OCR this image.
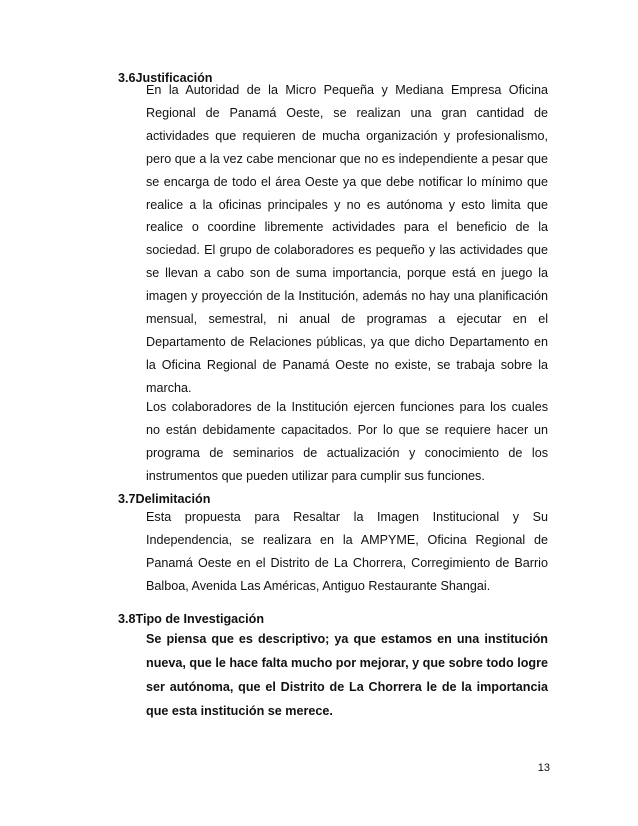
3.6Justificación

En la Autoridad de la Micro Pequeña y Mediana Empresa Oficina Regional de Panamá Oeste, se realizan una gran cantidad de actividades que requieren de mucha organización y profesionalismo, pero que a la vez cabe mencionar que no es independiente a pesar que se encarga de todo el área Oeste ya que debe notificar lo mínimo que realice a la oficinas principales y no es autónoma y esto limita que realice o coordine libremente actividades para el beneficio de la sociedad. El grupo de colaboradores es pequeño y las actividades que se llevan a cabo son de suma importancia, porque está en juego la imagen y proyección de la Institución, además no hay una planificación mensual, semestral, ni anual de programas a ejecutar en el Departamento de Relaciones públicas, ya que dicho Departamento en la Oficina Regional de Panamá Oeste no existe, se trabaja sobre la marcha.

Los colaboradores de la Institución ejercen funciones para los cuales no están debidamente capacitados. Por lo que se requiere hacer un programa de seminarios de actualización y conocimiento de los instrumentos que pueden utilizar para cumplir sus funciones.

3.7Delimitación

Esta propuesta para Resaltar la Imagen Institucional y Su Independencia, se realizara en la AMPYME, Oficina Regional de Panamá Oeste en el Distrito de La Chorrera, Corregimiento de Barrio Balboa, Avenida Las Américas, Antiguo Restaurante Shangai.

3.8Tipo de Investigación

Se piensa que es descriptivo; ya que estamos en una institución nueva, que le hace falta mucho por mejorar, y que sobre todo logre ser autónoma, que el Distrito de La Chorrera le de la importancia que esta institución se merece.

13
